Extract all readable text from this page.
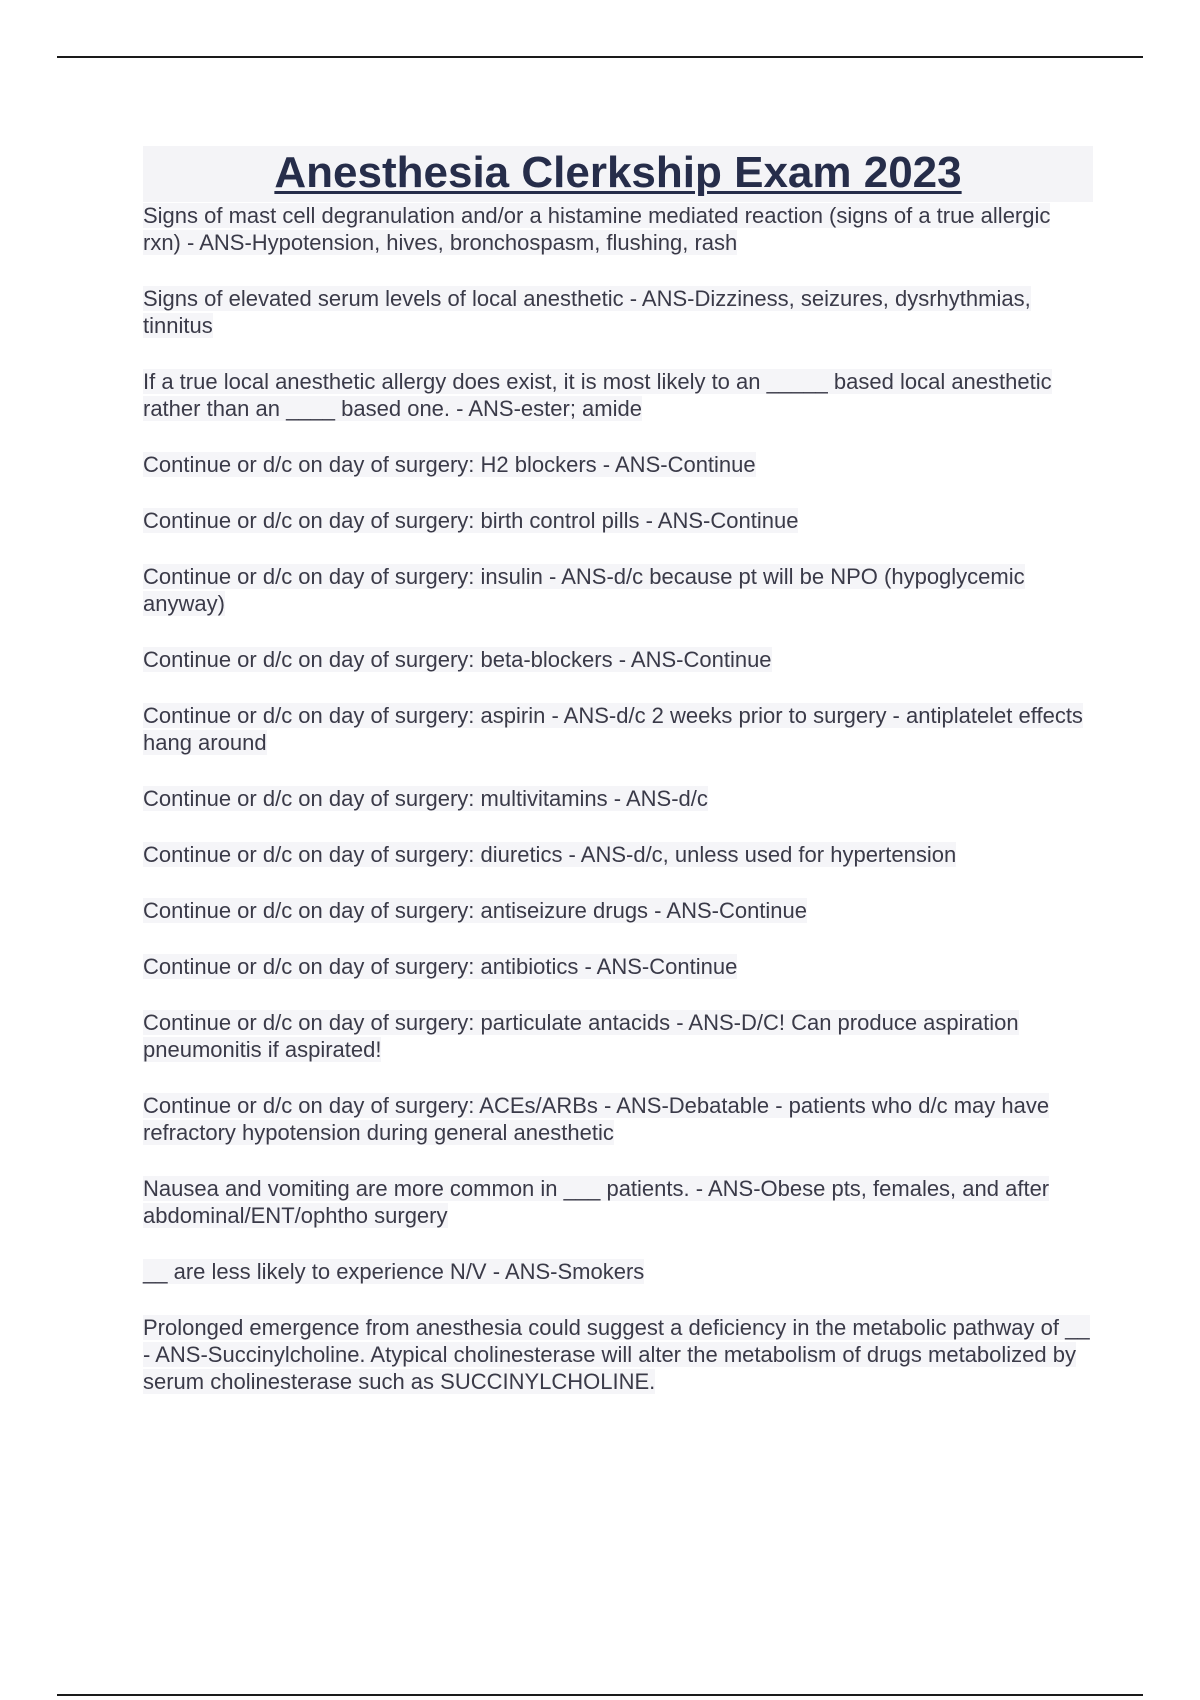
Anesthesia Clerkship Exam 2023
Signs of mast cell degranulation and/or a histamine mediated reaction (signs of a true allergic rxn) - ANS-Hypotension, hives, bronchospasm, flushing, rash
Signs of elevated serum levels of local anesthetic - ANS-Dizziness, seizures, dysrhythmias, tinnitus
If a true local anesthetic allergy does exist, it is most likely to an _____ based local anesthetic rather than an ____ based one. - ANS-ester; amide
Continue or d/c on day of surgery: H2 blockers - ANS-Continue
Continue or d/c on day of surgery: birth control pills - ANS-Continue
Continue or d/c on day of surgery: insulin - ANS-d/c because pt will be NPO (hypoglycemic anyway)
Continue or d/c on day of surgery: beta-blockers - ANS-Continue
Continue or d/c on day of surgery: aspirin - ANS-d/c 2 weeks prior to surgery - antiplatelet effects hang around
Continue or d/c on day of surgery: multivitamins - ANS-d/c
Continue or d/c on day of surgery: diuretics - ANS-d/c, unless used for hypertension
Continue or d/c on day of surgery: antiseizure drugs - ANS-Continue
Continue or d/c on day of surgery: antibiotics - ANS-Continue
Continue or d/c on day of surgery: particulate antacids - ANS-D/C! Can produce aspiration pneumonitis if aspirated!
Continue or d/c on day of surgery: ACEs/ARBs - ANS-Debatable - patients who d/c may have refractory hypotension during general anesthetic
Nausea and vomiting are more common in ___ patients. - ANS-Obese pts, females, and after abdominal/ENT/ophtho surgery
__ are less likely to experience N/V - ANS-Smokers
Prolonged emergence from anesthesia could suggest a deficiency in the metabolic pathway of __ - ANS-Succinylcholine. Atypical cholinesterase will alter the metabolism of drugs metabolized by serum cholinesterase such as SUCCINYLCHOLINE.
